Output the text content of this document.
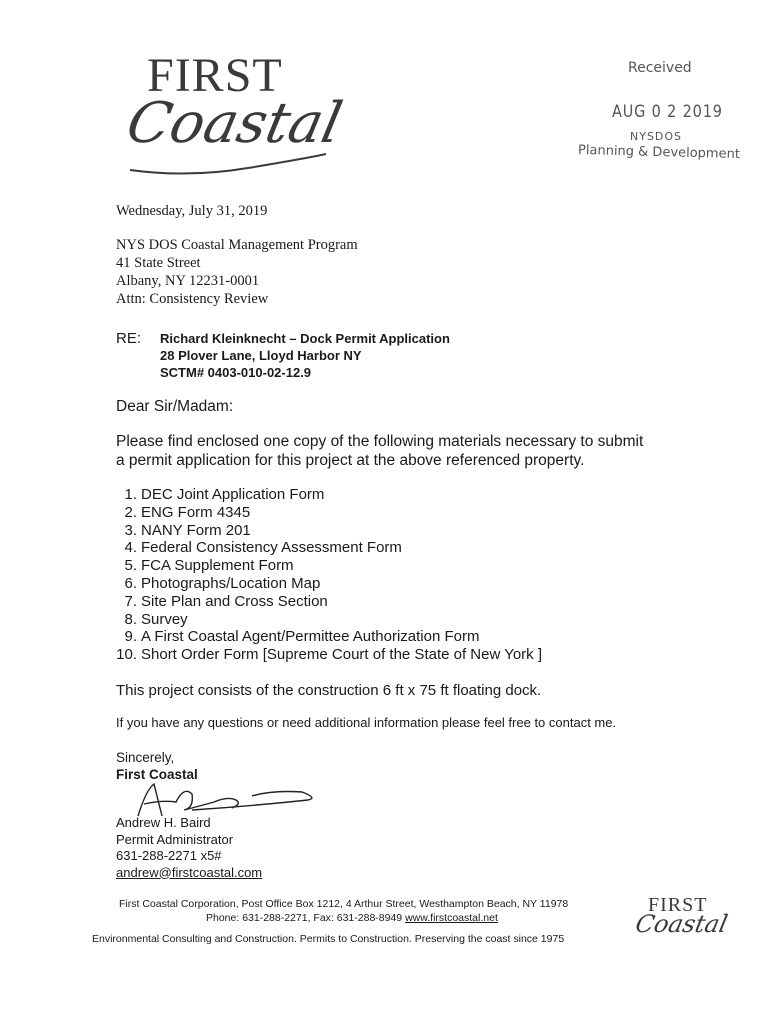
FIRST
Coastal
Received
AUG 0 2 2019
NYSDOS
Planning & Development
Wednesday, July 31, 2019
NYS DOS Coastal Management Program
41 State Street
Albany, NY 12231-0001
Attn: Consistency Review
RE: Richard Kleinknecht – Dock Permit Application
28 Plover Lane, Lloyd Harbor NY
SCTM# 0403-010-02-12.9
Dear Sir/Madam:
Please find enclosed one copy of the following materials necessary to submit a permit application for this project at the above referenced property.
1. DEC Joint Application Form
2. ENG Form 4345
3. NANY Form 201
4. Federal Consistency Assessment Form
5. FCA Supplement Form
6. Photographs/Location Map
7. Site Plan and Cross Section
8. Survey
9. A First Coastal Agent/Permittee Authorization Form
10. Short Order Form [Supreme Court of the State of New York ]
This project consists of the construction 6 ft x 75 ft floating dock.
If you have any questions or need additional information please feel free to contact me.
Sincerely,
First Coastal
Andrew H. Baird
Permit Administrator
631-288-2271 x5#
andrew@firstcoastal.com
First Coastal Corporation, Post Office Box 1212, 4 Arthur Street, Westhampton Beach, NY 11978
Phone: 631-288-2271, Fax: 631-288-8949 www.firstcoastal.net
Environmental Consulting and Construction. Permits to Construction. Preserving the coast since 1975
FIRST
Coastal
